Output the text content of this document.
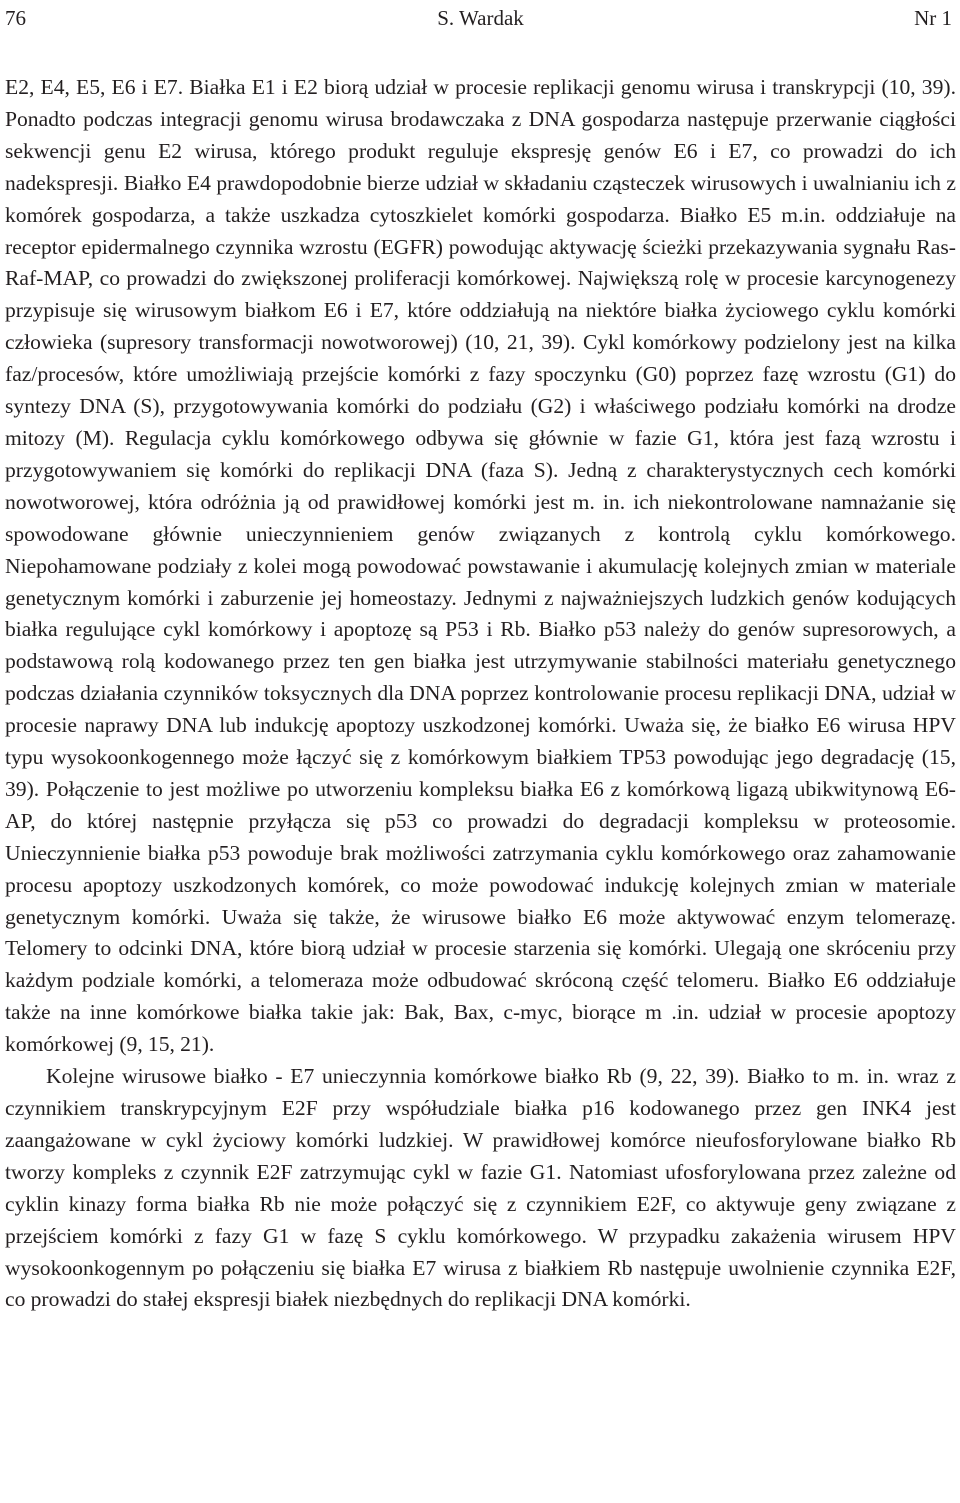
76	S. Wardak	Nr 1

E2, E4, E5, E6 i E7. Białka E1 i E2 biorą udział w procesie replikacji genomu wirusa i transkrypcji (10, 39). Ponadto podczas integracji genomu wirusa brodawczaka z DNA gospodarza następuje przerwanie ciągłości sekwencji genu E2 wirusa, którego produkt reguluje ekspresję genów E6 i E7, co prowadzi do ich nadekspresji. Białko E4 prawdopodobnie bierze udział w składaniu cząsteczek wirusowych i uwalnianiu ich z komórek gospodarza, a także uszkadza cytoszkielet komórki gospodarza. Białko E5 m.in. oddziałuje na receptor epidermalnego czynnika wzrostu (EGFR) powodując aktywację ścieżki przekazywania sygnału Ras-Raf-MAP, co prowadzi do zwiększonej proliferacji komórkowej. Największą rolę w procesie karcynogenezy przypisuje się wirusowym białkom E6 i E7, które oddziałują na niektóre białka życiowego cyklu komórki człowieka (supresory transformacji nowotworowej) (10, 21, 39). Cykl komórkowy podzielony jest na kilka faz/procesów, które umożliwiają przejście komórki z fazy spoczynku (G0) poprzez fazę wzrostu (G1) do syntezy DNA (S), przygotowywania komórki do podziału (G2) i właściwego podziału komórki na drodze mitozy (M). Regulacja cyklu komórkowego odbywa się głównie w fazie G1, która jest fazą wzrostu i przygotowywaniem się komórki do replikacji DNA (faza S). Jedną z charakterystycznych cech komórki nowotworowej, która odróżnia ją od prawidłowej komórki jest m. in. ich niekontrolowane namnażanie się spowodowane głównie unieczynnieniem genów związanych z kontrolą cyklu komórkowego. Niepohamowane podziały z kolei mogą powodować powstawanie i akumulację kolejnych zmian w materiale genetycznym komórki i zaburzenie jej homeostazy. Jednymi z najważniejszych ludzkich genów kodujących białka regulujące cykl komórkowy i apoptozę są P53 i Rb. Białko p53 należy do genów supresorowych, a podstawową rolą kodowanego przez ten gen białka jest utrzymywanie stabilności materiału genetycznego podczas działania czynników toksycznych dla DNA poprzez kontrolowanie procesu replikacji DNA, udział w procesie naprawy DNA lub indukcję apoptozy uszkodzonej komórki. Uważa się, że białko E6 wirusa HPV typu wysokoonkogennego może łączyć się z komórkowym białkiem TP53 powodując jego degradację (15, 39). Połączenie to jest możliwe po utworzeniu kompleksu białka E6 z komórkową ligazą ubikwitynową E6-AP, do której następnie przyłącza się p53 co prowadzi do degradacji kompleksu w proteosomie. Unieczynnienie białka p53 powoduje brak możliwości zatrzymania cyklu komórkowego oraz zahamowanie procesu apoptozy uszkodzonych komórek, co może powodować indukcję kolejnych zmian w materiale genetycznym komórki. Uważa się także, że wirusowe białko E6 może aktywować enzym telomerazę. Telomery to odcinki DNA, które biorą udział w procesie starzenia się komórki. Ulegają one skróceniu przy każdym podziale komórki, a telomeraza może odbudować skróconą część telomeru. Białko E6 oddziałuje także na inne komórkowe białka takie jak: Bak, Bax, c-myc, biorące m .in. udział w procesie apoptozy komórkowej (9, 15, 21).

Kolejne wirusowe białko - E7 unieczynnia komórkowe białko Rb (9, 22, 39). Białko to m. in. wraz z czynnikiem transkrypcyjnym E2F przy współudziale białka p16 kodowanego przez gen INK4 jest zaangażowane w cykl życiowy komórki ludzkiej. W prawidłowej komórce nieufosforylowane białko Rb tworzy kompleks z czynnik E2F zatrzymując cykl w fazie G1. Natomiast ufosforylowana przez zależne od cyklin kinazy forma białka Rb nie może połączyć się z czynnikiem E2F, co aktywuje geny związane z przejściem komórki z fazy G1 w fazę S cyklu komórkowego. W przypadku zakażenia wirusem HPV wysokoonkogennym po połączeniu się białka E7 wirusa z białkiem Rb następuje uwolnienie czynnika E2F, co prowadzi do stałej ekspresji białek niezbędnych do replikacji DNA komórki.
